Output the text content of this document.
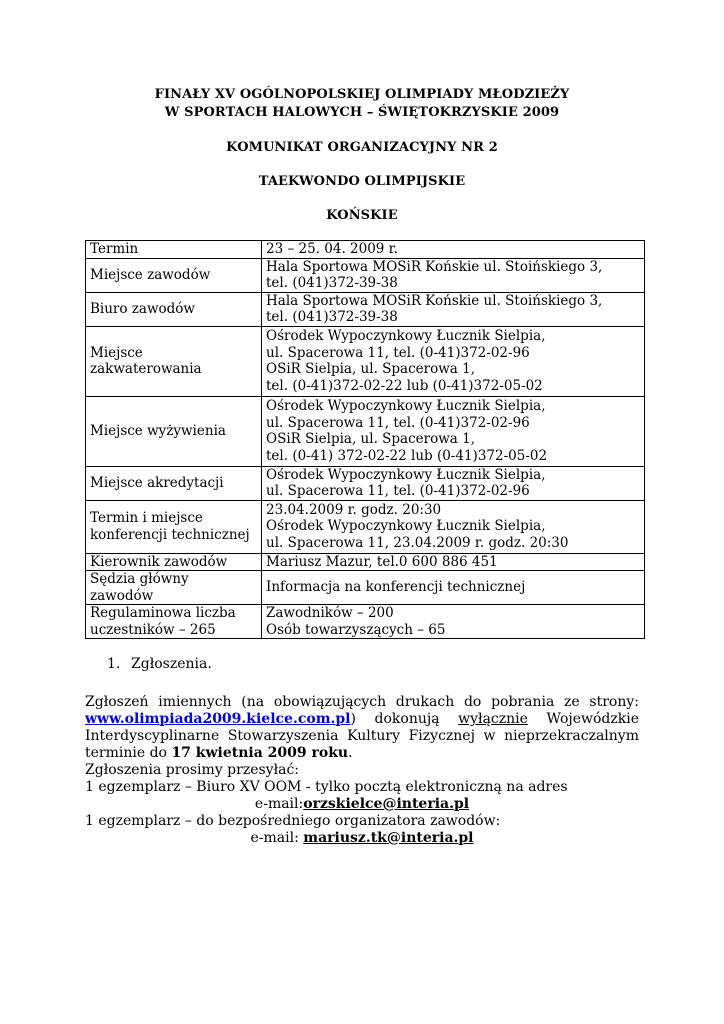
FINAŁY XV OGÓLNOPOLSKIEJ OLIMPIADY MŁODZIEŻY
W SPORTACH HALOWYCH – ŚWIĘTOKRZYSKIE 2009
KOMUNIKAT ORGANIZACYJNY NR 2
TAEKWONDO OLIMPIJSKIE
KOŃSKIE
Termin	23 – 25. 04. 2009 r.

Miejsce zawodów	Hala Sportowa MOSiR Końskie ul. Stoińskiego 3,
tel. (041)372-39-38

Biuro zawodów	Hala Sportowa MOSiR Końskie ul. Stoińskiego 3,
tel. (041)372-39-38

Miejsce
zakwaterowania	Ośrodek Wypoczynkowy Łucznik Sielpia,
ul. Spacerowa 11, tel. (0-41)372-02-96
OSiR Sielpia, ul. Spacerowa 1,
tel. (0-41)372-02-22 lub (0-41)372-05-02

Miejsce wyżywienia	Ośrodek Wypoczynkowy Łucznik Sielpia,
ul. Spacerowa 11, tel. (0-41)372-02-96
OSiR Sielpia, ul. Spacerowa 1,
tel. (0-41) 372-02-22 lub (0-41)372-05-02

Miejsce akredytacji	Ośrodek Wypoczynkowy Łucznik Sielpia,
ul. Spacerowa 11, tel. (0-41)372-02-96

Termin i miejsce
konferencji technicznej	23.04.2009 r. godz. 20:30
Ośrodek Wypoczynkowy Łucznik Sielpia,
ul. Spacerowa 11, 23.04.2009 r. godz. 20:30

Kierownik zawodów	Mariusz Mazur, tel.0 600 886 451

Sędzia główny
zawodów	Informacja na konferencji technicznej

Regulaminowa liczba
uczestników – 265	Zawodników – 200
Osób towarzyszących – 65
1. Zgłoszenia.
Zgłoszeń imiennych (na obowiązujących drukach do pobrania ze strony:
www.olimpiada2009.kielce.com.pl) dokonują wyłącznie Wojewódzkie
Interdyscyplinarne Stowarzyszenia Kultury Fizycznej w nieprzekraczalnym
terminie do 17 kwietnia 2009 roku.
Zgłoszenia prosimy przesyłać:
1 egzemplarz – Biuro XV OOM - tylko pocztą elektroniczną na adres
e-mail:orzskielce@interia.pl
1 egzemplarz – do bezpośredniego organizatora zawodów:
e-mail: mariusz.tk@interia.pl
